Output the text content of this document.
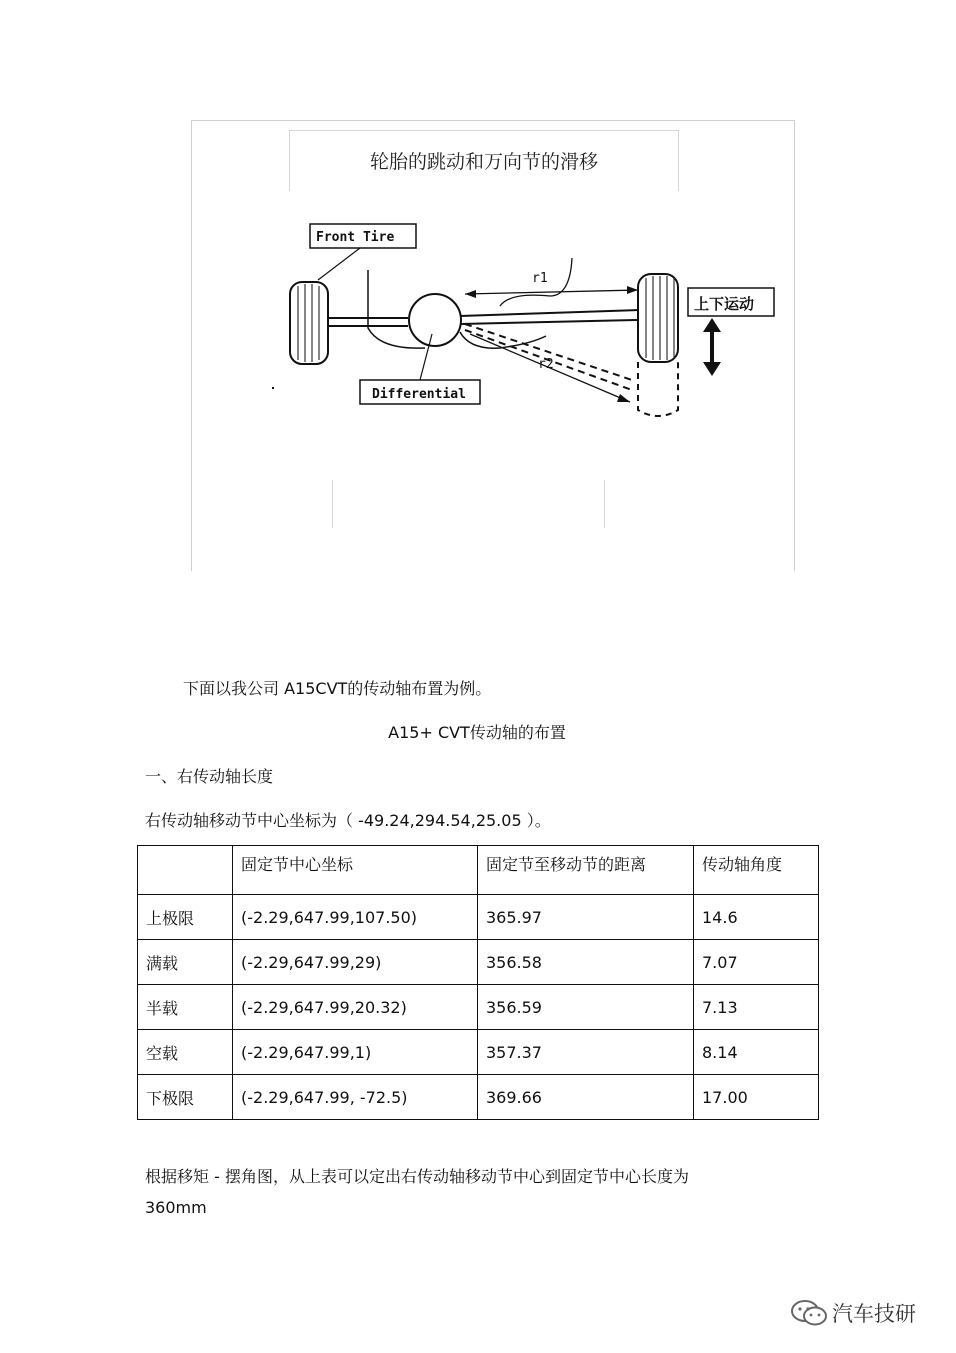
轮胎的跳动和万向节的滑移
r1
r2
Front Tire
Differential
上下运动
下面以我公司 A15CVT的传动轴布置为例。
A15+ CVT传动轴的布置
一、右传动轴长度
右传动轴移动节中心坐标为（ -49.24,294.54,25.05 ）。
	固定节中心坐标	固定节至移动节的距离	传动轴角度
上极限	(-2.29,647.99,107.50)	365.97	14.6
满载	(-2.29,647.99,29)	356.58	7.07
半载	(-2.29,647.99,20.32)	356.59	7.13
空载	(-2.29,647.99,1)	357.37	8.14
下极限	(-2.29,647.99, -72.5)	369.66	17.00
根据移矩 - 摆角图，从上表可以定出右传动轴移动节中心到固定节中心长度为
360mm
汽车技研
